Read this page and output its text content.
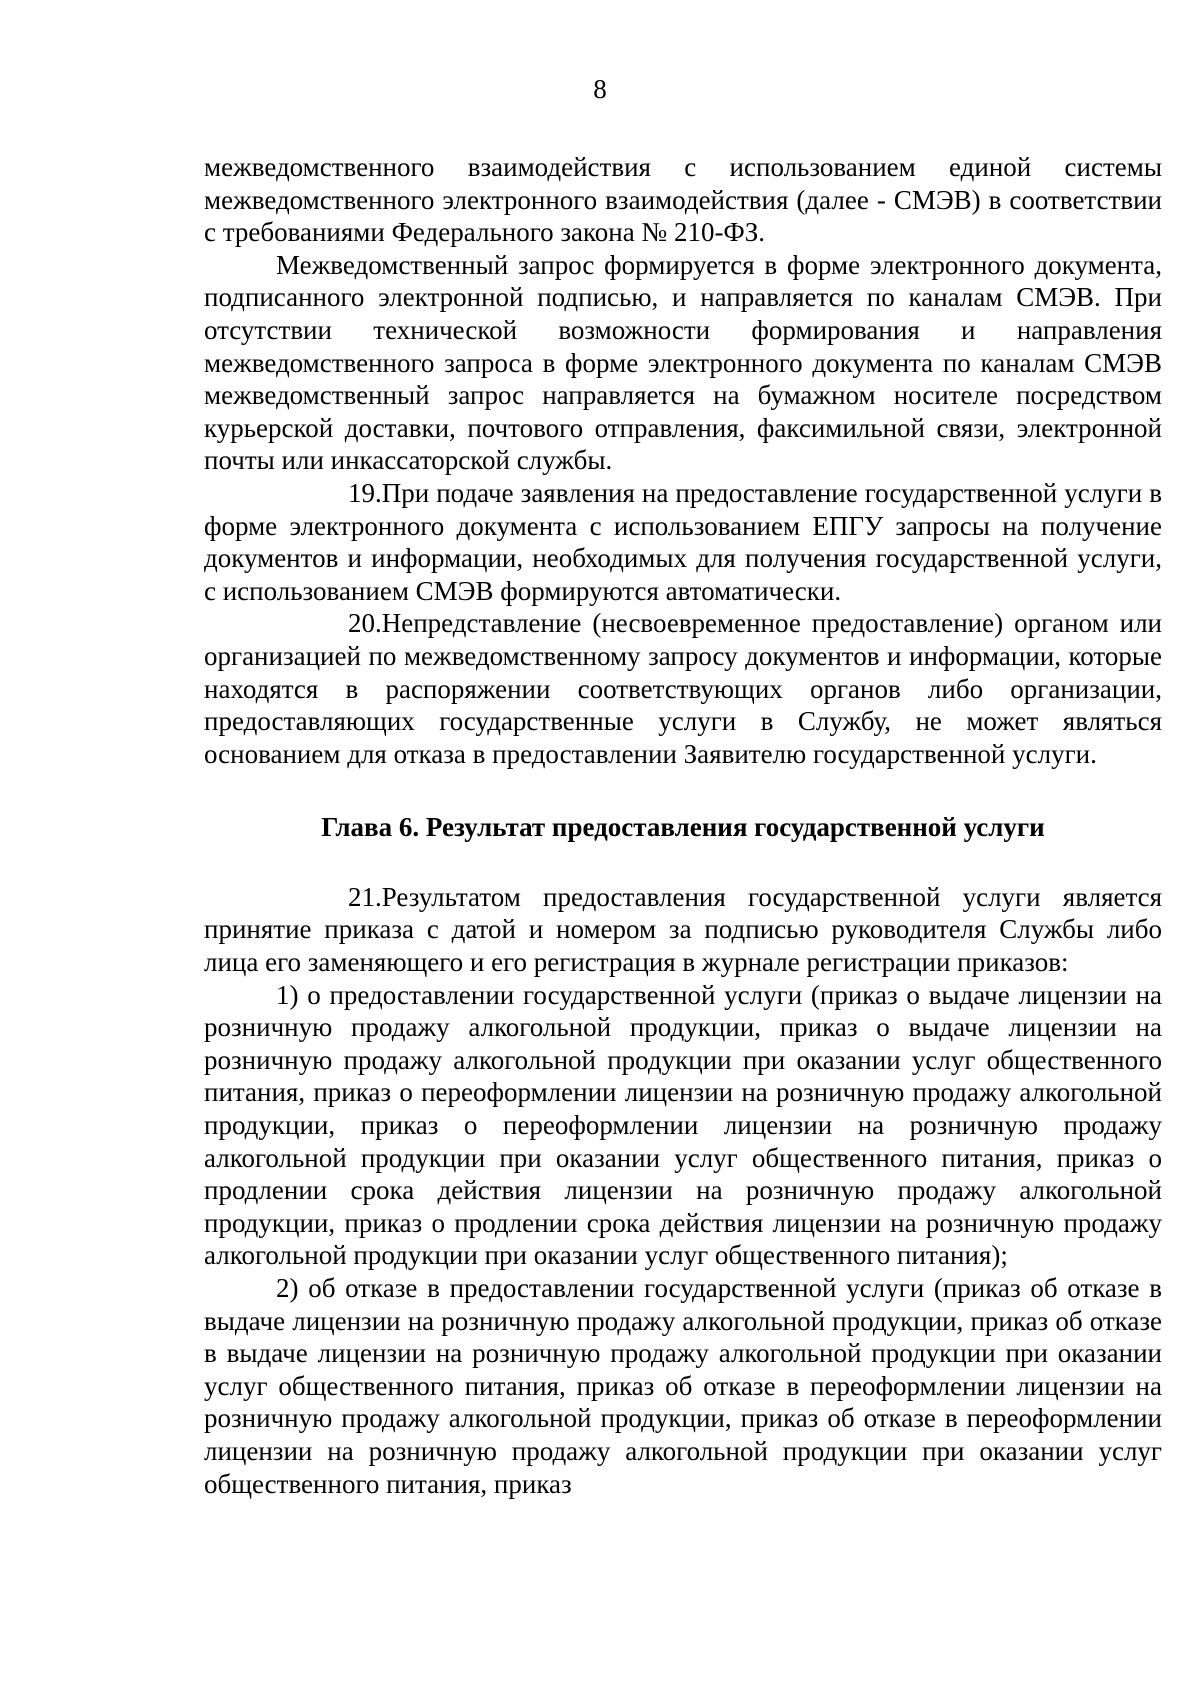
8

межведомственного взаимодействия с использованием единой системы межведомственного электронного взаимодействия (далее - СМЭВ) в соответствии с требованиями Федерального закона № 210-ФЗ.

Межведомственный запрос формируется в форме электронного документа, подписанного электронной подписью, и направляется по каналам СМЭВ. При отсутствии технической возможности формирования и направления межведомственного запроса в форме электронного документа по каналам СМЭВ межведомственный запрос направляется на бумажном носителе посредством курьерской доставки, почтового отправления, факсимильной связи, электронной почты или инкассаторской службы.

19.При подаче заявления на предоставление государственной услуги в форме электронного документа с использованием ЕПГУ запросы на получение документов и информации, необходимых для получения государственной услуги, с использованием СМЭВ формируются автоматически.

20.Непредставление (несвоевременное предоставление) органом или организацией по межведомственному запросу документов и информации, которые находятся в распоряжении соответствующих органов либо организации, предоставляющих государственные услуги в Службу, не может являться основанием для отказа в предоставлении Заявителю государственной услуги.

Глава 6. Результат предоставления государственной услуги

21.Результатом предоставления государственной услуги является принятие приказа с датой и номером за подписью руководителя Службы либо лица его заменяющего и его регистрация в журнале регистрации приказов:

1) о предоставлении государственной услуги (приказ о выдаче лицензии на розничную продажу алкогольной продукции, приказ о выдаче лицензии на розничную продажу алкогольной продукции при оказании услуг общественного питания, приказ о переоформлении лицензии на розничную продажу алкогольной продукции, приказ о переоформлении лицензии на розничную продажу алкогольной продукции при оказании услуг общественного питания, приказ о продлении срока действия лицензии на розничную продажу алкогольной продукции, приказ о продлении срока действия лицензии на розничную продажу алкогольной продукции при оказании услуг общественного питания);

2) об отказе в предоставлении государственной услуги (приказ об отказе в выдаче лицензии на розничную продажу алкогольной продукции, приказ об отказе в выдаче лицензии на розничную продажу алкогольной продукции при оказании услуг общественного питания, приказ об отказе в переоформлении лицензии на розничную продажу алкогольной продукции, приказ об отказе в переоформлении лицензии на розничную продажу алкогольной продукции при оказании услуг общественного питания, приказ
